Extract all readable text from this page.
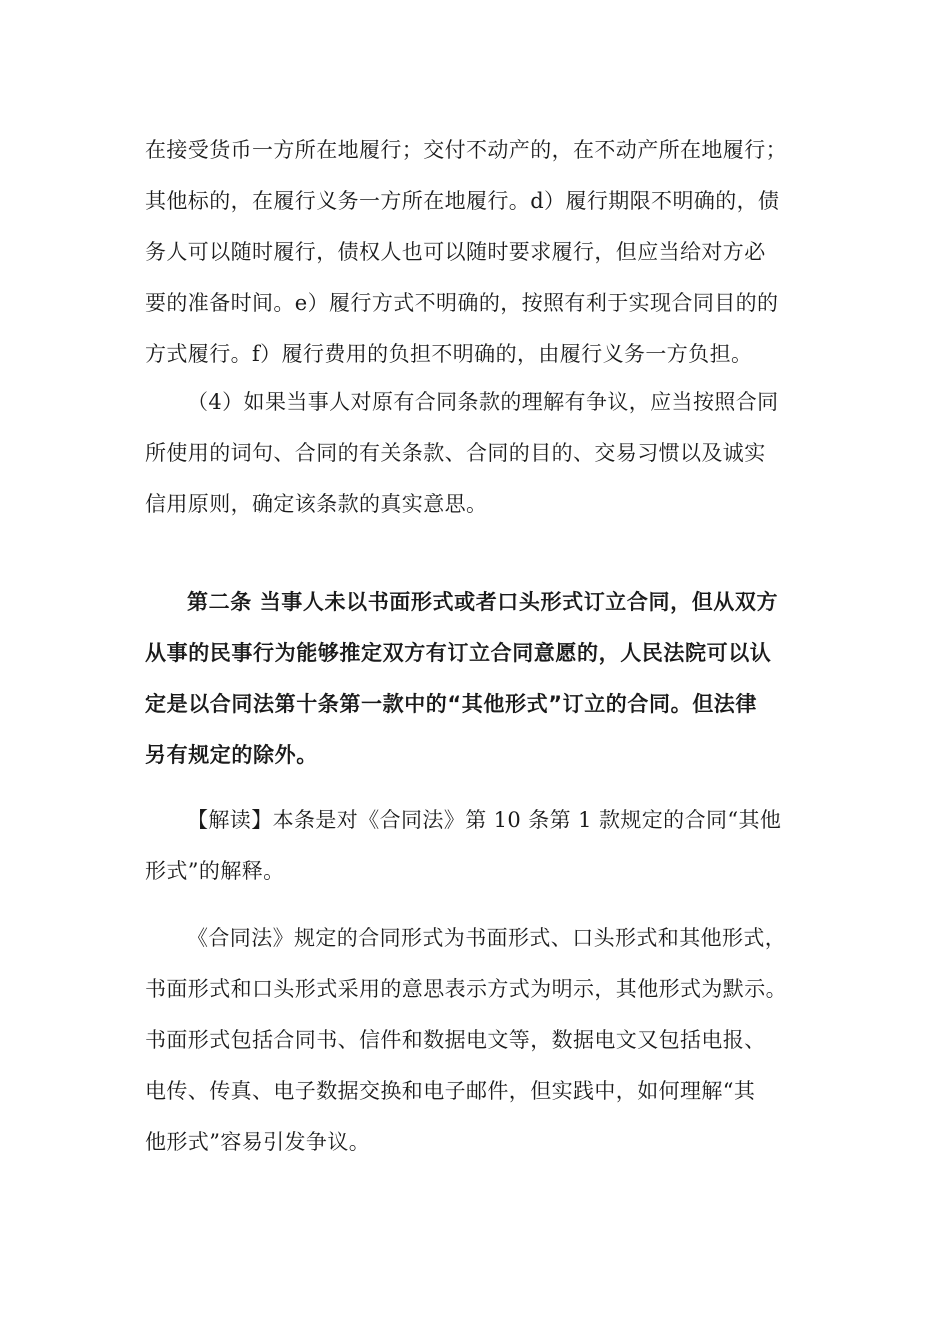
在接受货币一方所在地履行；交付不动产的，在不动产所在地履行；
其他标的，在履行义务一方所在地履行。d）履行期限不明确的，债
务人可以随时履行，债权人也可以随时要求履行，但应当给对方必
要的准备时间。e）履行方式不明确的，按照有利于实现合同目的的
方式履行。f）履行费用的负担不明确的，由履行义务一方负担。
（4）如果当事人对原有合同条款的理解有争议，应当按照合同
所使用的词句、合同的有关条款、合同的目的、交易习惯以及诚实
信用原则，确定该条款的真实意思。
第二条 当事人未以书面形式或者口头形式订立合同，但从双方
从事的民事行为能够推定双方有订立合同意愿的，人民法院可以认
定是以合同法第十条第一款中的“其他形式”订立的合同。但法律
另有规定的除外。
【解读】本条是对《合同法》第 10 条第 1 款规定的合同“其他
形式”的解释。
《合同法》规定的合同形式为书面形式、口头形式和其他形式，
书面形式和口头形式采用的意思表示方式为明示，其他形式为默示。
书面形式包括合同书、信件和数据电文等，数据电文又包括电报、
电传、传真、电子数据交换和电子邮件，但实践中，如何理解“其
他形式”容易引发争议。
